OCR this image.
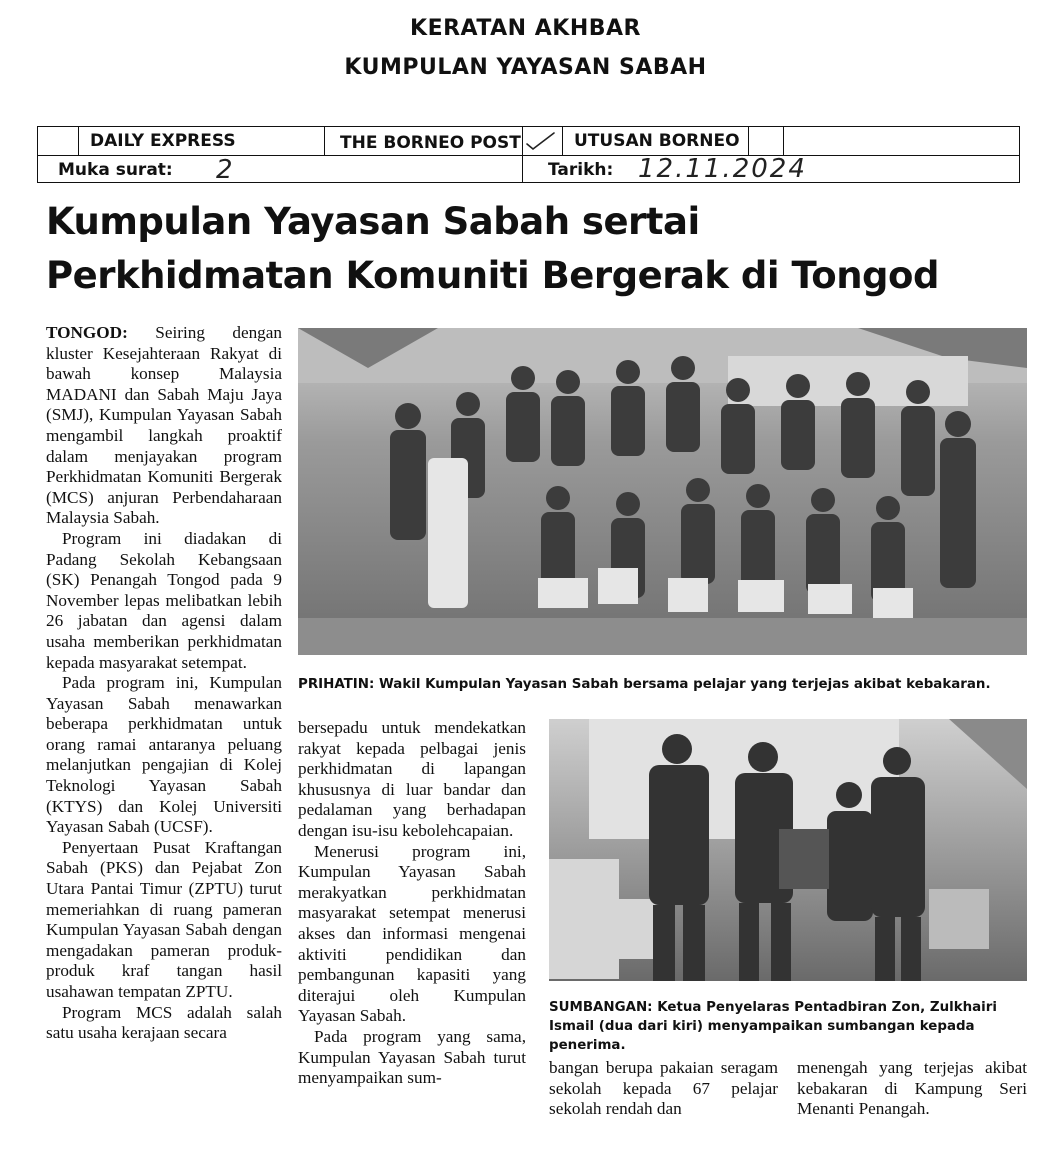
KERATAN AKHBAR
KUMPULAN YAYASAN SABAH
DAILY EXPRESS	THE BORNEO POST	UTUSAN BORNEO
Muka surat: 2	Tarikh: 12.11.2024
Kumpulan Yayasan Sabah sertai
Perkhidmatan Komuniti Bergerak di Tongod

TONGOD: Seiring dengan kluster Kesejahteraan Rakyat di bawah konsep Malaysia MADANI dan Sabah Maju Jaya (SMJ), Kumpulan Yayasan Sabah mengambil langkah proaktif dalam menjayakan program Perkhidmatan Komuniti Bergerak (MCS) anjuran Perbendaharaan Malaysia Sabah.

Program ini diadakan di Padang Sekolah Kebangsaan (SK) Penangah Tongod pada 9 November lepas melibatkan lebih 26 jabatan dan agensi dalam usaha memberikan perkhidmatan kepada masyarakat setempat.

Pada program ini, Kumpulan Yayasan Sabah menawarkan beberapa perkhidmatan untuk orang ramai antaranya peluang melanjutkan pengajian di Kolej Teknologi Yayasan Sabah (KTYS) dan Kolej Universiti Yayasan Sabah (UCSF).

Penyertaan Pusat Kraftangan Sabah (PKS) dan Pejabat Zon Utara Pantai Timur (ZPTU) turut memeriahkan di ruang pameran Kumpulan Yayasan Sabah dengan mengadakan pameran produk-produk kraf tangan hasil usahawan tempatan ZPTU.

Program MCS adalah salah satu usaha kerajaan secara

PRIHATIN: Wakil Kumpulan Yayasan Sabah bersama pelajar yang terjejas akibat kebakaran.

bersepadu untuk mendekatkan rakyat kepada pelbagai jenis perkhidmatan di lapangan khususnya di luar bandar dan pedalaman yang berhadapan dengan isu-isu kebolehcapaian.

Menerusi program ini, Kumpulan Yayasan Sabah merakyatkan perkhidmatan masyarakat setempat menerusi akses dan informasi mengenai aktiviti pendidikan dan pembangunan kapasiti yang diterajui oleh Kumpulan Yayasan Sabah.

Pada program yang sama, Kumpulan Yayasan Sabah turut menyampaikan sum-

SUMBANGAN: Ketua Penyelaras Pentadbiran Zon, Zulkhairi Ismail (dua dari kiri) menyampaikan sumbangan kepada penerima.

bangan berupa pakaian seragam sekolah kepada 67 pelajar sekolah rendah dan

menengah yang terjejas akibat kebakaran di Kampung Seri Menanti Penangah.
